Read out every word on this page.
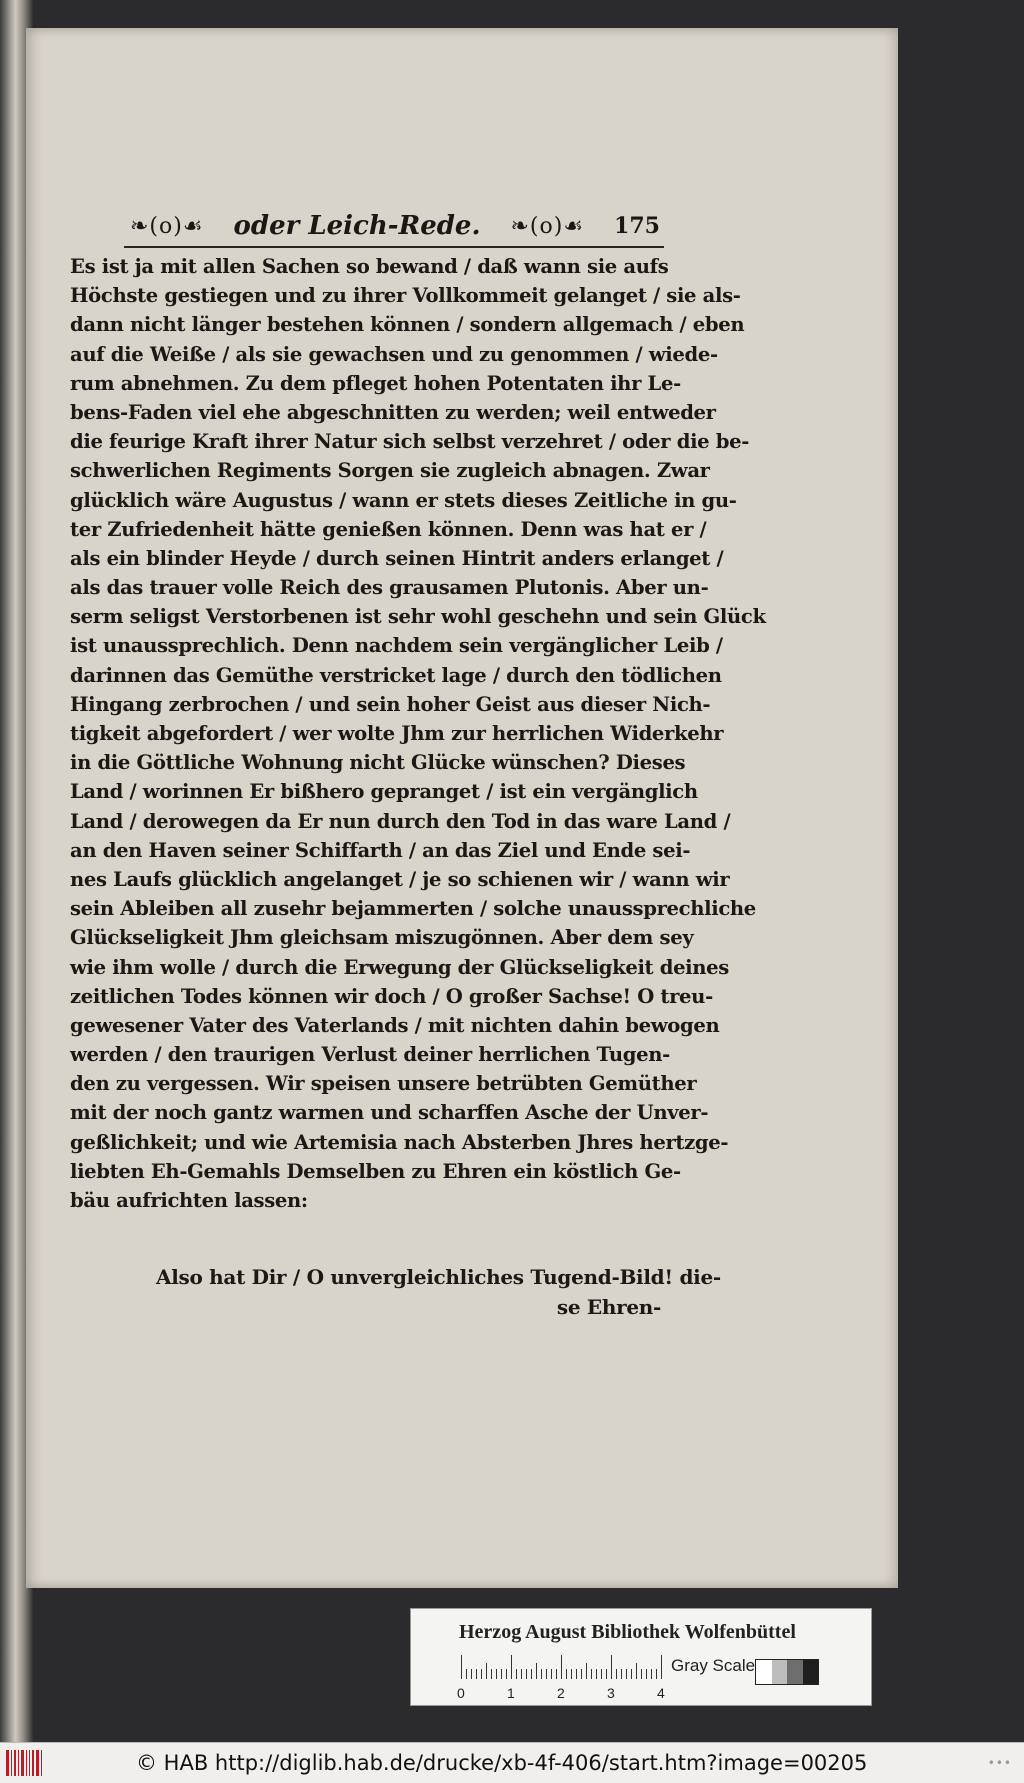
❧(o)☙ oder Leich-Rede. ❧(o)☙ 175
Es ist ja mit allen Sachen so bewand / daß wann sie aufs
Höchste gestiegen und zu ihrer Vollkommeit gelanget / sie als-
dann nicht länger bestehen können / sondern allgemach / eben
auf die Weiße / als sie gewachsen und zu genommen / wiede-
rum abnehmen. Zu dem pfleget hohen Potentaten ihr Le-
bens-Faden viel ehe abgeschnitten zu werden; weil entweder
die feurige Kraft ihrer Natur sich selbst verzehret / oder die be-
schwerlichen Regiments Sorgen sie zugleich abnagen. Zwar
glücklich wäre Augustus / wann er stets dieses Zeitliche in gu-
ter Zufriedenheit hätte genießen können. Denn was hat er /
als ein blinder Heyde / durch seinen Hintrit anders erlanget /
als das trauer volle Reich des grausamen Plutonis. Aber un-
serm seligst Verstorbenen ist sehr wohl geschehn und sein Glück
ist unaussprechlich. Denn nachdem sein vergänglicher Leib /
darinnen das Gemüthe verstricket lage / durch den tödlichen
Hingang zerbrochen / und sein hoher Geist aus dieser Nich-
tigkeit abgefordert / wer wolte Jhm zur herrlichen Widerkehr
in die Göttliche Wohnung nicht Glücke wünschen? Dieses
Land / worinnen Er bißhero gepranget / ist ein vergänglich
Land / derowegen da Er nun durch den Tod in das ware Land /
an den Haven seiner Schiffarth / an das Ziel und Ende sei-
nes Laufs glücklich angelanget / je so schienen wir / wann wir
sein Ableiben all zusehr bejammerten / solche unaussprechliche
Glückseligkeit Jhm gleichsam miszugönnen. Aber dem sey
wie ihm wolle / durch die Erwegung der Glückseligkeit deines
zeitlichen Todes können wir doch / O großer Sachse! O treu-
gewesener Vater des Vaterlands / mit nichten dahin bewogen
werden / den traurigen Verlust deiner herrlichen Tugen-
den zu vergessen. Wir speisen unsere betrübten Gemüther
mit der noch gantz warmen und scharffen Asche der Unver-
geßlichkeit; und wie Artemisia nach Absterben Jhres hertzge-
liebten Eh-Gemahls Demselben zu Ehren ein köstlich Ge-
bäu aufrichten lassen:
Also hat Dir / O unvergleichliches Tugend-Bild! die-
se Ehren-
Herzog August Bibliothek Wolfenbüttel
0	1	2	3	4
Gray Scale
© HAB http://diglib.hab.de/drucke/xb-4f-406/start.htm?image=00205	•••
